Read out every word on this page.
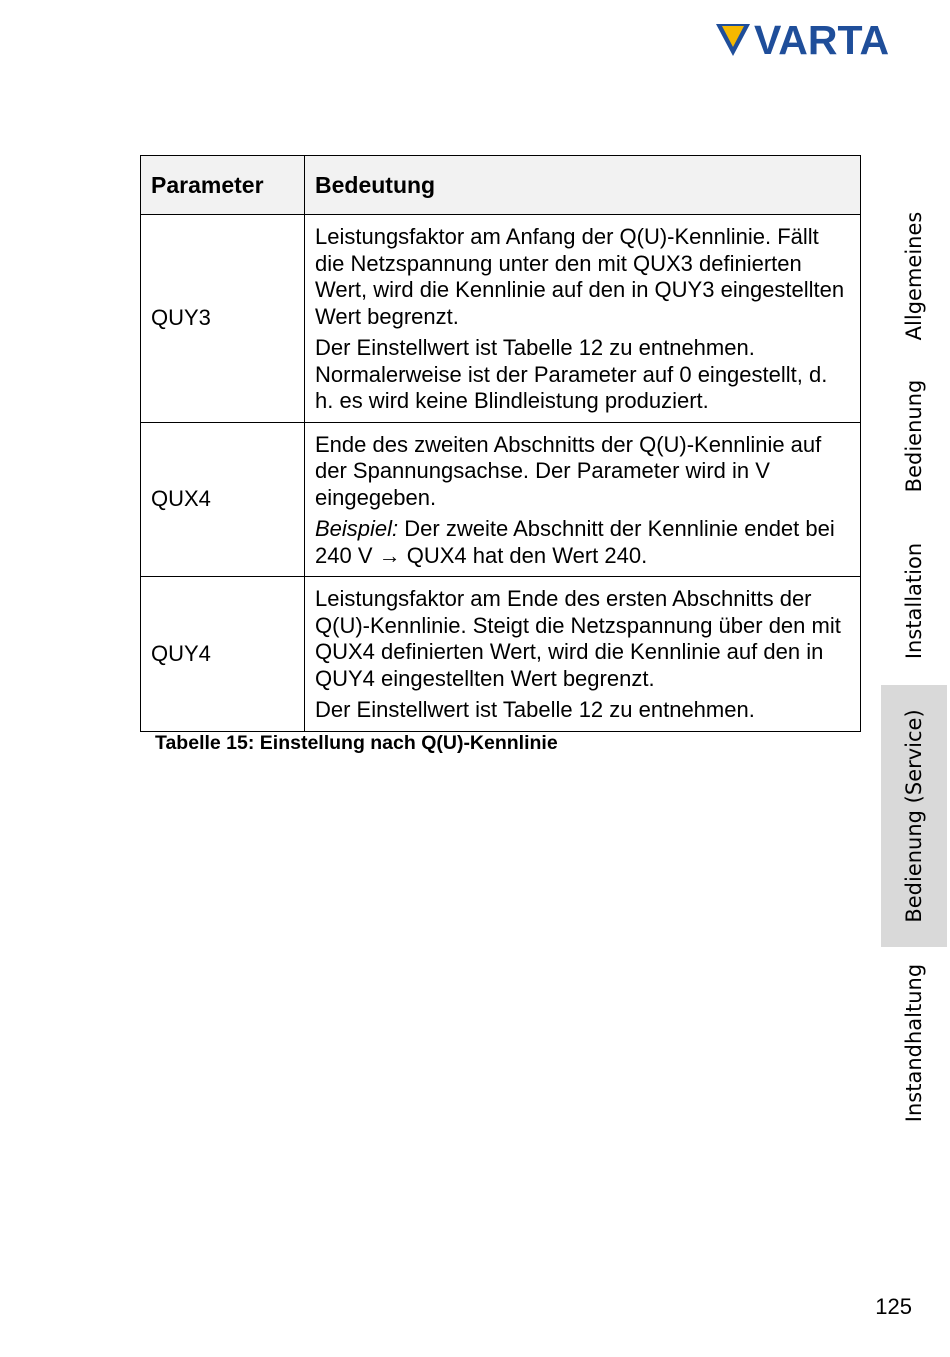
VARTA
Parameter	Bedeutung
QUY3	Leistungsfaktor am Anfang der Q(U)-Kennlinie. Fällt die Netzspannung unter den mit QUX3 definierten Wert, wird die Kennlinie auf den in QUY3 eingestellten Wert begrenzt.

Der Einstellwert ist Tabelle 12 zu entnehmen. Normalerweise ist der Parameter auf 0 eingestellt, d. h. es wird keine Blindleistung produziert.

QUX4	Ende des zweiten Abschnitts der Q(U)-Kennlinie auf der Spannungsachse. Der Parameter wird in V eingegeben.

Beispiel: Der zweite Abschnitt der Kennlinie endet bei 240 V → QUX4 hat den Wert 240.

QUY4	Leistungsfaktor am Ende des ersten Abschnitts der Q(U)-Kennlinie. Steigt die Netzspannung über den mit QUX4 definierten Wert, wird die Kennlinie auf den in QUY4 eingestellten Wert begrenzt.

Der Einstellwert ist Tabelle 12 zu entnehmen.

Tabelle 15: Einstellung nach Q(U)-Kennlinie
Allgemeines
Bedienung
Installation
Bedienung (Service)
Instandhaltung
125
